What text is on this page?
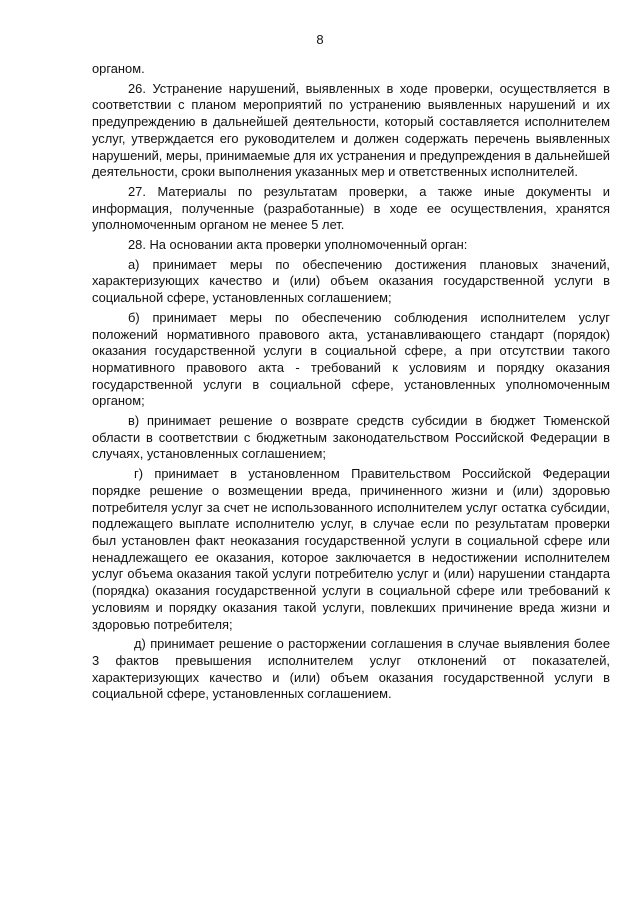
8

органом.

26. Устранение нарушений, выявленных в ходе проверки, осуществляется в соответствии с планом мероприятий по устранению выявленных нарушений и их предупреждению в дальнейшей деятельности, который составляется исполнителем услуг, утверждается его руководителем и должен содержать перечень выявленных нарушений, меры, принимаемые для их устранения и предупреждения в дальнейшей деятельности, сроки выполнения указанных мер и ответственных исполнителей.

27. Материалы по результатам проверки, а также иные документы и информация, полученные (разработанные) в ходе ее осуществления, хранятся уполномоченным органом не менее 5 лет.

28. На основании акта проверки уполномоченный орган:

а) принимает меры по обеспечению достижения плановых значений, характеризующих качество и (или) объем оказания государственной услуги в социальной сфере, установленных соглашением;

б) принимает меры по обеспечению соблюдения исполнителем услуг положений нормативного правового акта, устанавливающего стандарт (порядок) оказания государственной услуги в социальной сфере, а при отсутствии такого нормативного правового акта - требований к условиям и порядку оказания государственной услуги в социальной сфере, установленных уполномоченным органом;

в) принимает решение о возврате средств субсидии в бюджет Тюменской области в соответствии с бюджетным законодательством Российской Федерации в случаях, установленных соглашением;

г) принимает в установленном Правительством Российской Федерации порядке решение о возмещении вреда, причиненного жизни и (или) здоровью потребителя услуг за счет не использованного исполнителем услуг остатка субсидии, подлежащего выплате исполнителю услуг, в случае если по результатам проверки был установлен факт неоказания государственной услуги в социальной сфере или ненадлежащего ее оказания, которое заключается в недостижении исполнителем услуг объема оказания такой услуги потребителю услуг и (или) нарушении стандарта (порядка) оказания государственной услуги в социальной сфере или требований к условиям и порядку оказания такой услуги, повлекших причинение вреда жизни и здоровью потребителя;

д) принимает решение о расторжении соглашения в случае выявления более 3 фактов превышения исполнителем услуг отклонений от показателей, характеризующих качество и (или) объем оказания государственной услуги в социальной сфере, установленных соглашением.
